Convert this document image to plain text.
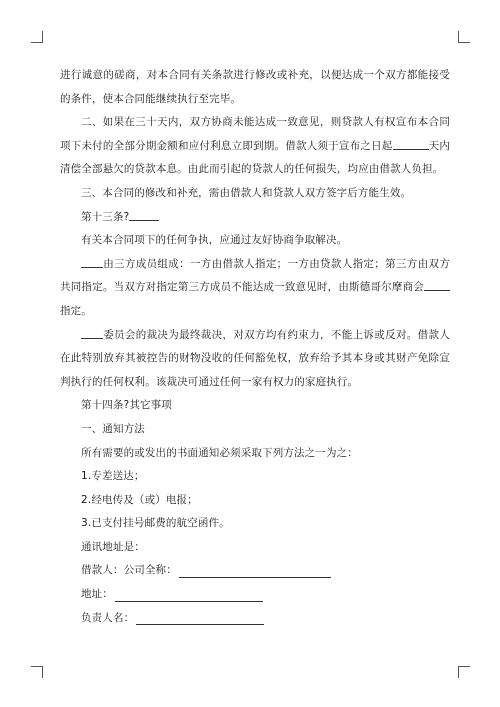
进行诚意的磋商，对本合同有关条款进行修改或补充，以便达成一个双方都能接受的条件，使本合同能继续执行至完毕。

二、如果在三十天内，双方协商未能达成一致意见，则贷款人有权宣布本合同项下未付的全部分期金额和应付利息立即到期。借款人须于宣布之日起	天内清偿全部悬欠的贷款本息。由此而引起的贷款人的任何损失，均应由借款人负担。

三、本合同的修改和补充，需由借款人和贷款人双方签字后方能生效。

第十三条?

有关本合同项下的任何争执，应通过友好协商争取解决。

由三方成员组成：一方由借款人指定；一方由贷款人指定；第三方由双方共同指定。当双方对指定第三方成员不能达成一致意见时，由斯德哥尔摩商会指定。

委员会的裁决为最终裁决，对双方均有约束力，不能上诉或反对。借款人在此特别放弃其被控告的财物没收的任何豁免权，放弃给予其本身或其财产免除宣判执行的任何权利。该裁决可通过任何一家有权力的家庭执行。

第十四条?其它事项

一、通知方法

所有需要的或发出的书面通知必须采取下列方法之一为之：

1.专差送达；

2.经电传及（或）电报；

3.已支付挂号邮费的航空函件。

通讯地址是：

借款人：公司全称：
地址：
负责人名：
